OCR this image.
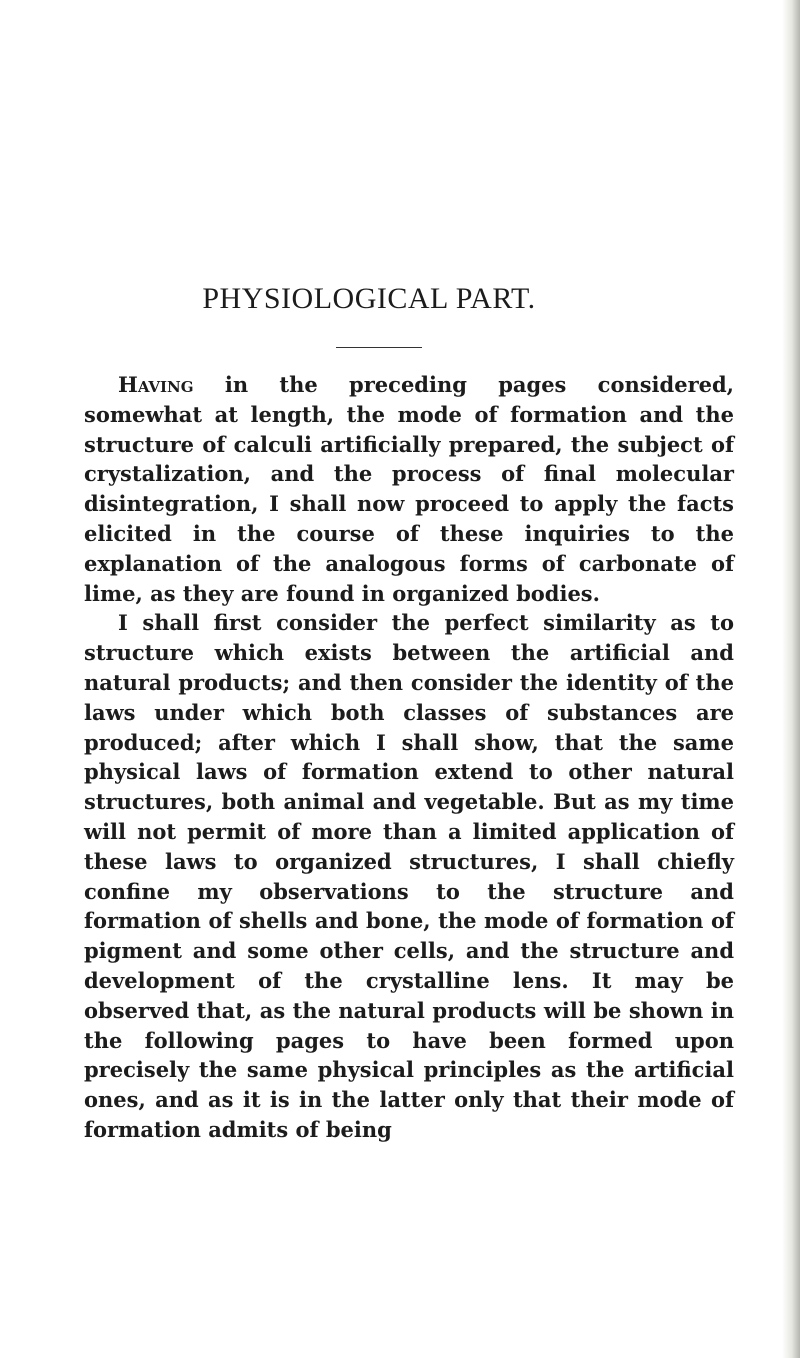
PHYSIOLOGICAL PART.

Having in the preceding pages considered, somewhat at length, the mode of formation and the structure of calculi artificially prepared, the subject of crystalization, and the process of final molecular disintegration, I shall now proceed to apply the facts elicited in the course of these inquiries to the explanation of the analogous forms of carbonate of lime, as they are found in organized bodies.

I shall first consider the perfect similarity as to structure which exists between the artificial and natural products; and then consider the identity of the laws under which both classes of substances are produced; after which I shall show, that the same physical laws of formation extend to other natural structures, both animal and vegetable. But as my time will not permit of more than a limited application of these laws to organized structures, I shall chiefly confine my observations to the structure and formation of shells and bone, the mode of formation of pigment and some other cells, and the structure and development of the crystalline lens. It may be observed that, as the natural products will be shown in the following pages to have been formed upon precisely the same physical principles as the artificial ones, and as it is in the latter only that their mode of formation admits of being
